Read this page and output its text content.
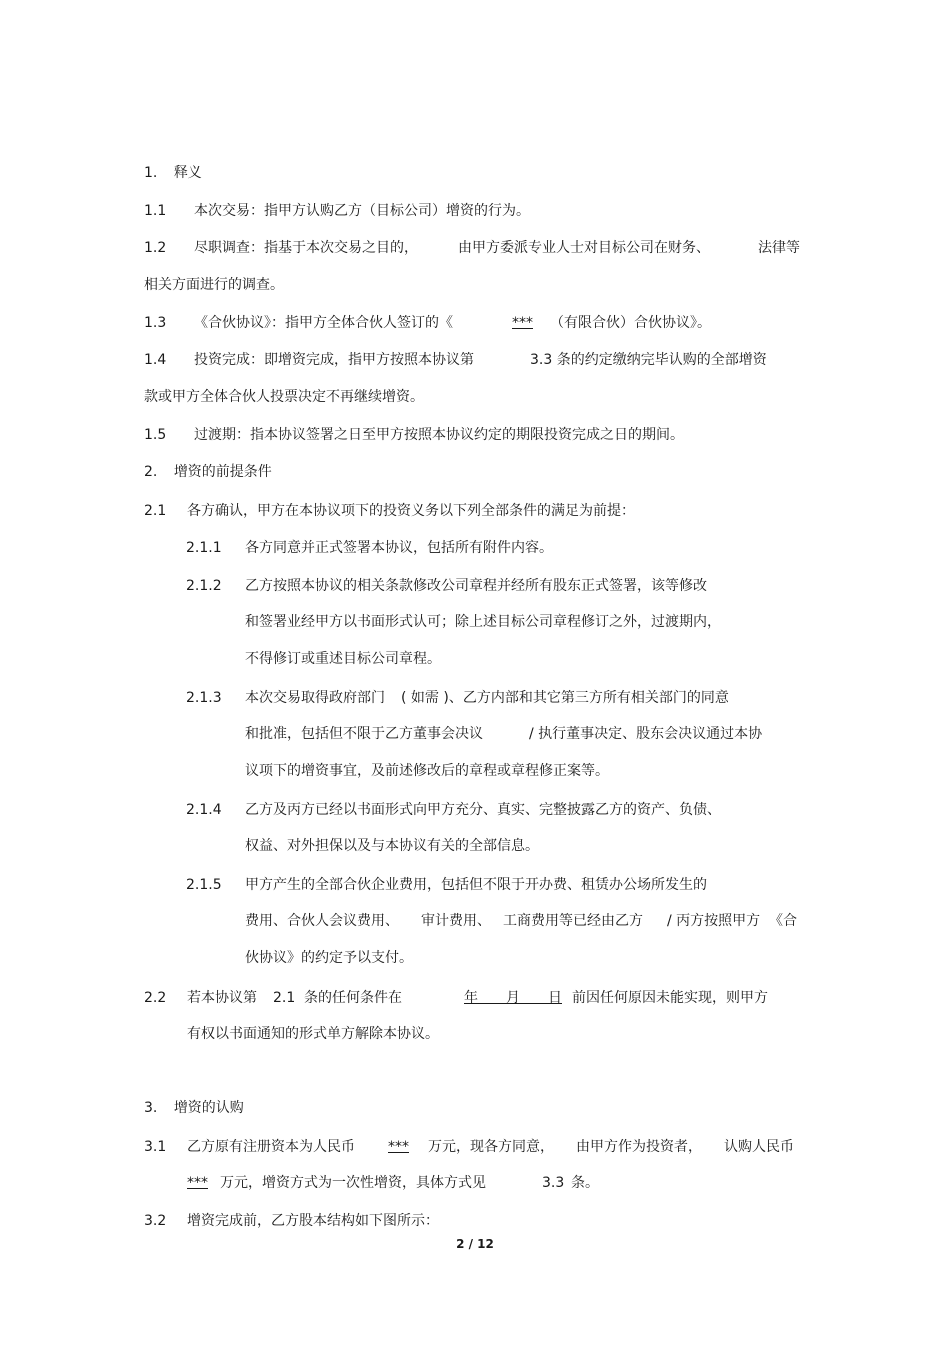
1. 释义
1.1 本次交易：指甲方认购乙方（目标公司）增资的行为。
1.2 尽职调查：指基于本次交易之目的，	由甲方委派专业人士对目标公司在财务、	法律等
相关方面进行的调查。
1.3 《合伙协议》：指甲方全体合伙人签订的《	***	（有限合伙）合伙协议》。
1.4 投资完成：即增资完成，指甲方按照本协议第	3.3 条的约定缴纳完毕认购的全部增资
款或甲方全体合伙人投票决定不再继续增资。
1.5 过渡期：指本协议签署之日至甲方按照本协议约定的期限投资完成之日的期间。
2. 增资的前提条件
2.1 各方确认，甲方在本协议项下的投资义务以下列全部条件的满足为前提：
2.1.1 各方同意并正式签署本协议，包括所有附件内容。
2.1.2 乙方按照本协议的相关条款修改公司章程并经所有股东正式签署，该等修改
和签署业经甲方以书面形式认可；除上述目标公司章程修订之外，过渡期内，
不得修订或重述目标公司章程。
2.1.3 本次交易取得政府部门 ( 如需 )、乙方内部和其它第三方所有相关部门的同意
和批准，包括但不限于乙方董事会决议	/ 执行董事决定、股东会决议通过本协
议项下的增资事宜，及前述修改后的章程或章程修正案等。
2.1.4 乙方及丙方已经以书面形式向甲方充分、真实、完整披露乙方的资产、负债、
权益、对外担保以及与本协议有关的全部信息。
2.1.5 甲方产生的全部合伙企业费用，包括但不限于开办费、租赁办公场所发生的
费用、合伙人会议费用、 审计费用、 工商费用等已经由乙方 / 丙方按照甲方 《合
伙协议》的约定予以支付。
2.2 若本协议第 2.1 条的任何条件在	年　　月　　日 前因任何原因未能实现，则甲方
有权以书面通知的形式单方解除本协议。
3. 增资的认购
3.1 乙方原有注册资本为人民币 ***	万元，现各方同意， 由甲方作为投资者， 认购人民币
*** 万元，增资方式为一次性增资，具体方式见	3.3 条。
3.2 增资完成前，乙方股本结构如下图所示：
2 / 12
